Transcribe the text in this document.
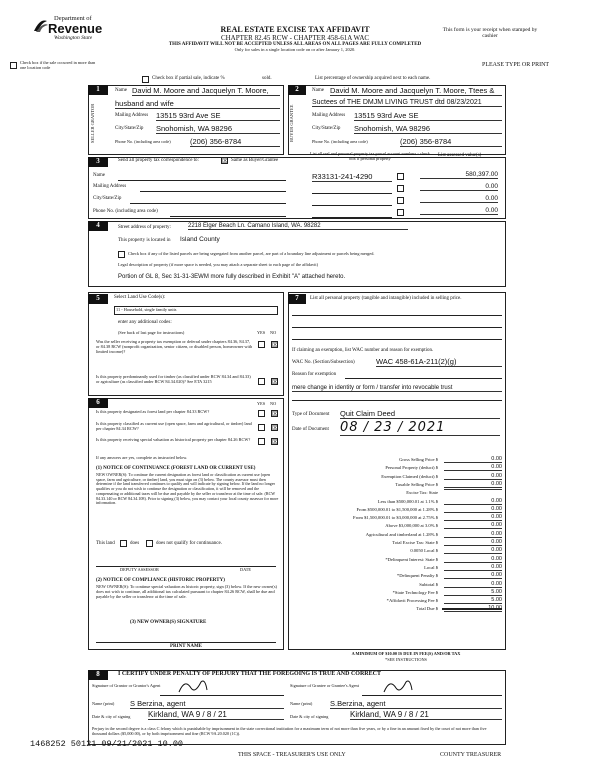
Department of
Revenue
Washington State
REAL ESTATE EXCISE TAX AFFIDAVIT
CHAPTER 82.45 RCW - CHAPTER 458-61A WAC
THIS AFFIDAVIT WILL NOT BE ACCEPTED UNLESS ALL AREAS ON ALL PAGES ARE FULLY COMPLETED
Only for sales in a single location code on or after January 1, 2020.
This form is your receipt when stamped by cashier
PLEASE TYPE OR PRINT
Check box if the sale occurred in more than one location code
Check box if partial sale, indicate %	sold.	List percentage of ownership acquired next to each name.
1
SELLER GRANTOR
Name David M. Moore and Jacquelyn T. Moore,
husband and wife
Mailing Address 13515 93rd Ave SE
City/State/Zip Snohomish, WA 98296
Phone No. (including area code)	(206) 356-8784
2
BUYER GRANTEE
Name David M. Moore and Jacquelyn T. Moore, Ttees &
Suctees of THE DMJM LIVING TRUST dtd 08/23/2021
Mailing Address 13515 93rd Ave SE
City/State/Zip Snohomish, WA 98296
Phone No. (including area code)	(206) 356-8784
3	Send all property tax correspondence to:	☒ Same as Buyer/Grantee
List all real and personal property tax parcel account numbers - check box if personal property
List assessed value(s)
Name
Mailing Address
City/State/Zip
Phone No. (including area code)
R33131-241-4290	580,397.00
0.00
0.00
0.00
4	Street address of property:	2218 Elger Beach Ln. Camano Island, WA. 98282
This property is located in Island County
Check box if any of the listed parcels are being segregated from another parcel, are part of a boundary line adjustment or parcels being merged.
Legal description of property (if more space is needed, you may attach a separate sheet to each page of the affidavit)
Portion of GL 8, Sec 31-31-3EWM more fully described in Exhibit "A" attached hereto.
5	Select Land Use Code(s):
11 - Household, single family units
enter any additional codes:
(See back of last page for instructions)	YES NO
Was the seller receiving a property tax exemption or deferral under chapters 84.36, 84.37, or 84.38 RCW (nonprofit organization, senior citizen, or disabled person, homeowner with limited income)?
☒
Is this property predominantly used for timber (as classified under RCW 84.34 and 84.33) or agriculture (as classified under RCW 84.34.020)? See ETA 3215	☒
6	YES NO
Is this property designated as forest land per chapter 84.33 RCW?	☒
Is this property classified as current use (open space, farm and agricultural, or timber) land per chapter 84.34 RCW?	☒
Is this property receiving special valuation as historical property per chapter 84.26 RCW?	☒
If any answers are yes, complete as instructed below.
(1) NOTICE OF CONTINUANCE (FOREST LAND OR CURRENT USE)
NEW OWNER(S): To continue the current designation as forest land or classification as current use (open space, farm and agriculture, or timber) land, you must sign on (3) below. The county assessor must then determine if the land transferred continues to qualify and will indicate by signing below. If the land no longer qualifies or you do not wish to continue the designation or classification, it will be removed and the compensating or additional taxes will be due and payable by the seller or transferor at the time of sale. (RCW 84.33.140 or RCW 84.34.108). Prior to signing (3) below, you may contact your local county assessor for more information.
This land	does	does not qualify for continuance.
DEPUTY ASSESSOR	DATE
(2) NOTICE OF COMPLIANCE (HISTORIC PROPERTY)
NEW OWNER(S): To continue special valuation as historic property, sign (3) below. If the new owner(s) does not wish to continue, all additional tax calculated pursuant to chapter 84.26 RCW, shall be due and payable by the seller or transferor at the time of sale.
(3) NEW OWNER(S) SIGNATURE
PRINT NAME
7	List all personal property (tangible and intangible) included in selling price.
If claiming an exemption, list WAC number and reason for exemption.
WAC No. (Section/Subsection)	WAC 458-61A-211(2)(g)
Reason for exemption
mere change in identity or form / transfer into revocable trust
Type of Document Quit Claim Deed
Date of Document 08 / 23 / 2021
Gross Selling Price $	0.00
Personal Property (deduct) $	0.00
Exemption Claimed (deduct) $	0.00
Taxable Selling Price $	0.00
Excise Tax: State
Less than $500,000.01 at 1.1% $	0.00
From $500,000.01 to $1,500,000 at 1.28% $	0.00
From $1,500,000.01 to $3,000,000 at 2.75% $	0.00
Above $3,000,000 at 3.0% $	0.00
Agricultural and timberland at 1.28% $	0.00
Total Excise Tax: State $	0.00
0.0050 Local $	0.00
*Delinquent Interest: State $	0.00
Local $	0.00
*Delinquent Penalty $	0.00
Subtotal $	0.00
*State Technology Fee $	5.00
*Affidavit Processing Fee $	5.00
Total Due $	10.00
A MINIMUM OF $10.00 IS DUE IN FEE(S) AND/OR TAX
*SEE INSTRUCTIONS
8	I CERTIFY UNDER PENALTY OF PERJURY THAT THE FOREGOING IS TRUE AND CORRECT
Signature of Grantor or Grantor's Agent	Signature of Grantee or Grantee's Agent
Name (print) S Berzina, agent	Name (print) S.Berzina, agent
Date & city of signing Kirkland, WA 9 / 8 / 21	Date & city of signing	Kirkland, WA 9 / 8 / 21
Perjury in the second degree is a class C felony which is punishable by imprisonment in the state correctional institution for a maximum term of not more than five years, or by a fine in an amount fixed by the court of not more than five thousand dollars ($5,000.00), or by both imprisonment and fine (RCW 9A.20.020 (1C)).
1468252 50121 09/21/2021 10.00
THIS SPACE - TREASURER'S USE ONLY	COUNTY TREASURER
